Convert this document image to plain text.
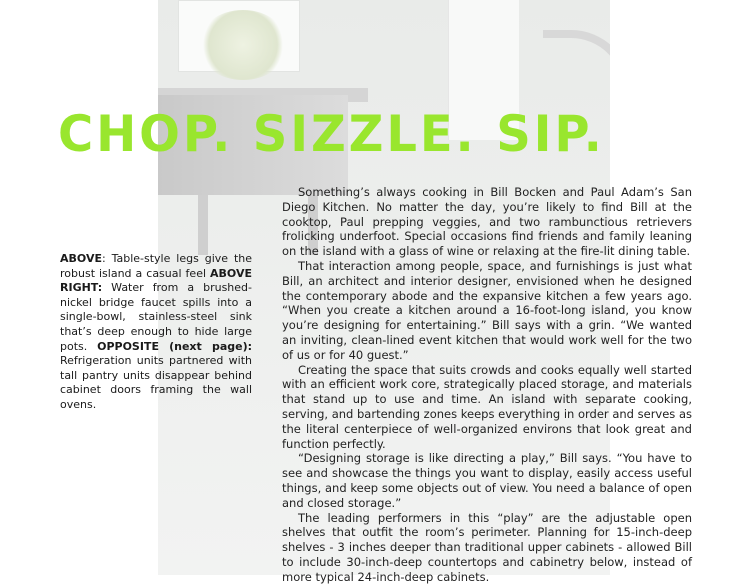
CHOP. SIZZLE. SIP.

ABOVE: Table-style legs give the robust island a casual feel ABOVE RIGHT: Water from a brushed-nickel bridge faucet spills into a single-bowl, stainless-steel sink that’s deep enough to hide large pots. OPPOSITE (next page): Refrigeration units partnered with tall pantry units disappear behind cabinet doors framing the wall ovens.

Something’s always cooking in Bill Bocken and Paul Adam’s San Diego Kitchen. No matter the day, you’re likely to find Bill at the cooktop, Paul prepping veggies, and two rambunctious retrievers frolicking underfoot. Special occasions find friends and family leaning on the island with a glass of wine or relaxing at the fire-lit dining table.

That interaction among people, space, and furnishings is just what Bill, an architect and interior designer, envisioned when he designed the contemporary abode and the expansive kitchen a few years ago. “When you create a kitchen around a 16-foot-long island, you know you’re designing for entertaining.” Bill says with a grin. “We wanted an inviting, clean-lined event kitchen that would work well for the two of us or for 40 guest.”

Creating the space that suits crowds and cooks equally well started with an efficient work core, strategically placed storage, and materials that stand up to use and time. An island with separate cooking, serving, and bartending zones keeps everything in order and serves as the literal centerpiece of well-organized environs that look great and function perfectly.

“Designing storage is like directing a play,” Bill says. “You have to see and showcase the things you want to display, easily access useful things, and keep some objects out of view. You need a balance of open and closed storage.”

The leading performers in this “play” are the adjustable open shelves that outfit the room’s perimeter. Planning for 15-inch-deep shelves - 3 inches deeper than traditional upper cabinets - allowed Bill to include 30-inch-deep countertops and cabinetry below, instead of more typical 24-inch-deep cabinets.
